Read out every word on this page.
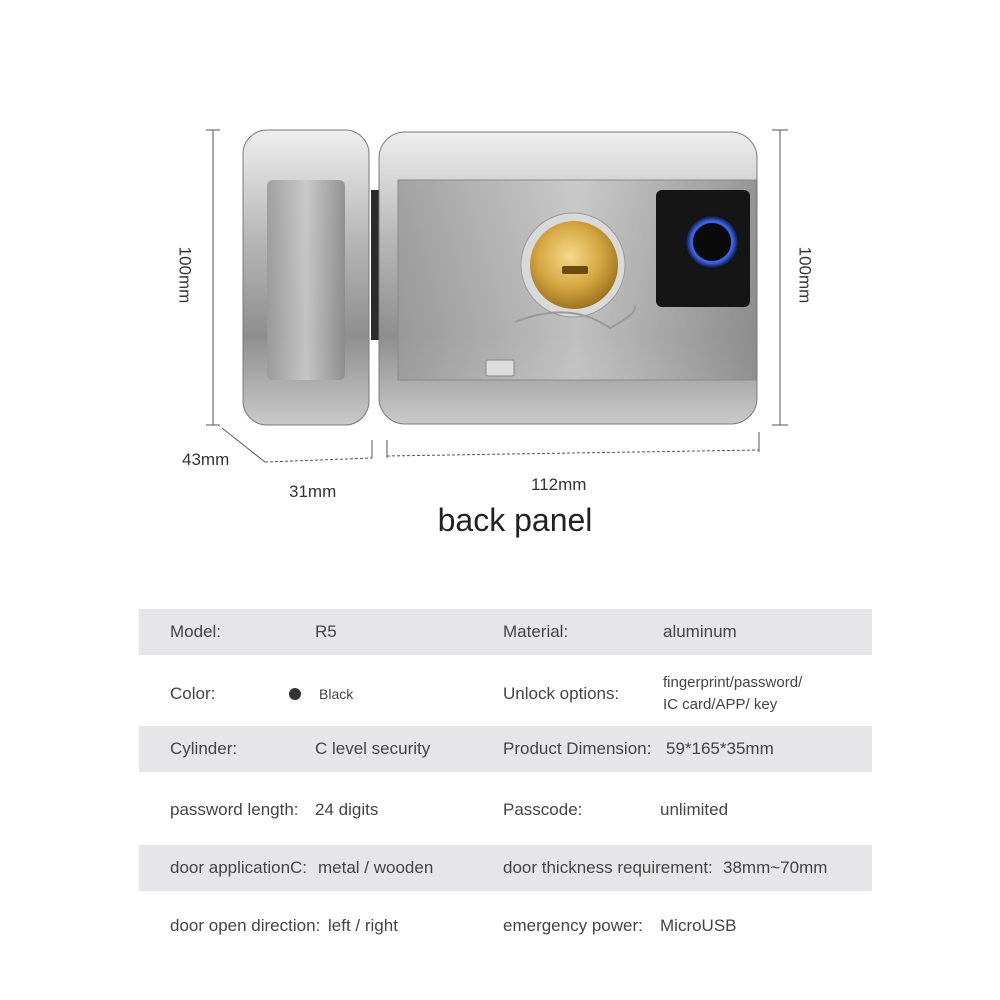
100mm	100mm
43mm
31mm	112mm
back panel
Model:	R5	Material:	aluminum
Color:	Black	Unlock options:
fingerprint/password/
IC card/APP/ key
Cylinder:	C level security	Product Dimension: 59*165*35mm
password length: 24 digits	Passcode:	unlimited
door applicationC: metal / wooden	door thickness requirement: 38mm~70mm
door open direction: left / right	emergency power: MicroUSB
